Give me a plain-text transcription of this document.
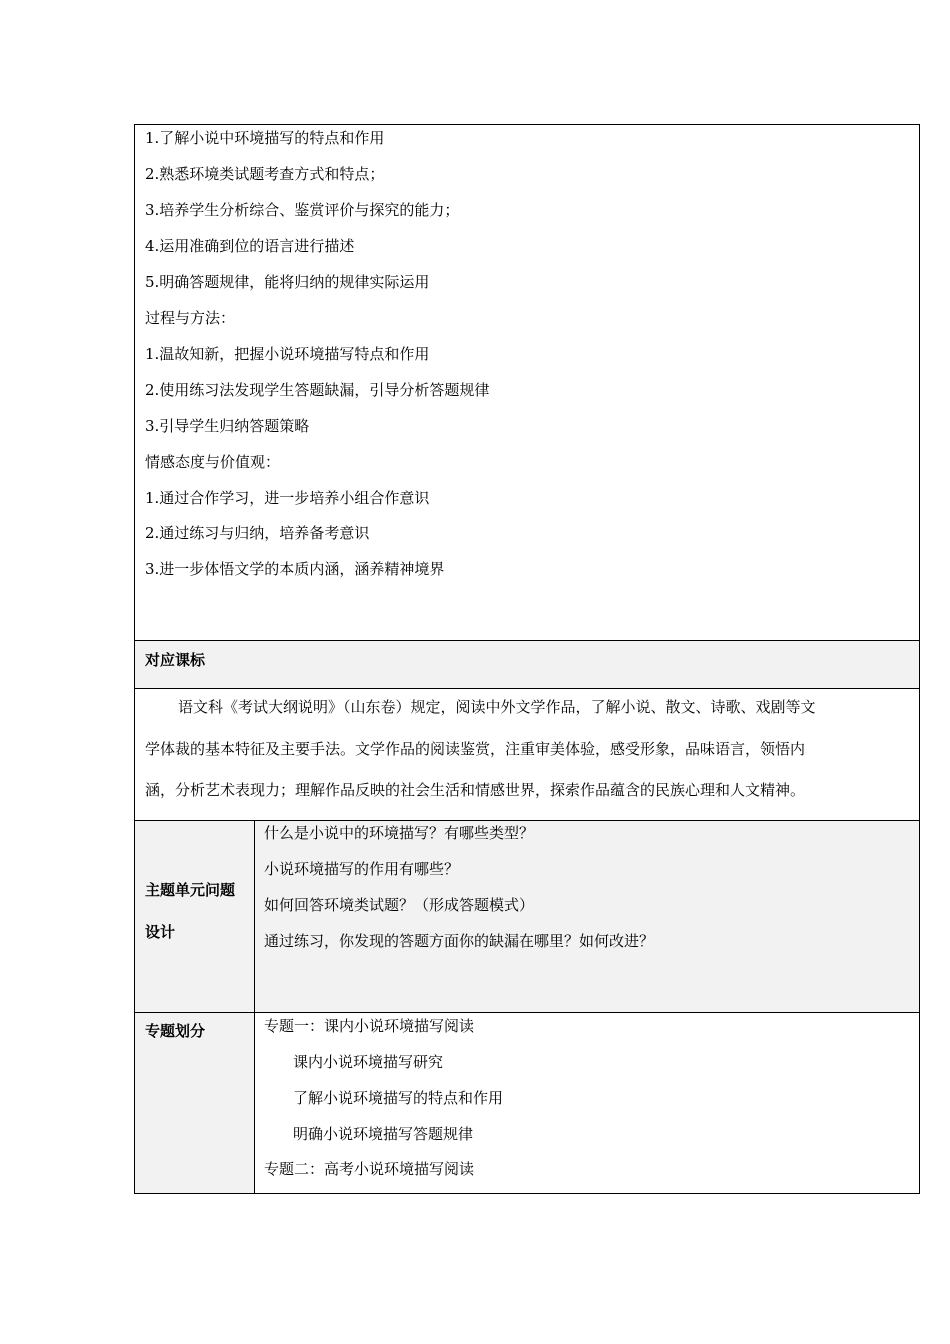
1.了解小说中环境描写的特点和作用
2.熟悉环境类试题考查方式和特点；
3.培养学生分析综合、鉴赏评价与探究的能力；
4.运用准确到位的语言进行描述
5.明确答题规律，能将归纳的规律实际运用
过程与方法：
1.温故知新，把握小说环境描写特点和作用
2.使用练习法发现学生答题缺漏，引导分析答题规律
3.引导学生归纳答题策略
情感态度与价值观：
1.通过合作学习，进一步培养小组合作意识
2.通过练习与归纳，培养备考意识
3.进一步体悟文学的本质内涵，涵养精神境界
对应课标
语文科《考试大纲说明》（山东卷）规定，阅读中外文学作品，了解小说、散文、诗歌、戏剧等文
学体裁的基本特征及主要手法。文学作品的阅读鉴赏，注重审美体验，感受形象，品味语言，领悟内
涵，分析艺术表现力；理解作品反映的社会生活和情感世界，探索作品蕴含的民族心理和人文精神。
主题单元问题
设计
什么是小说中的环境描写？有哪些类型？
小说环境描写的作用有哪些？
如何回答环境类试题？（形成答题模式）
通过练习，你发现的答题方面你的缺漏在哪里？如何改进？
专题划分	专题一：课内小说环境描写阅读
课内小说环境描写研究
了解小说环境描写的特点和作用
明确小说环境描写答题规律
专题二：高考小说环境描写阅读
